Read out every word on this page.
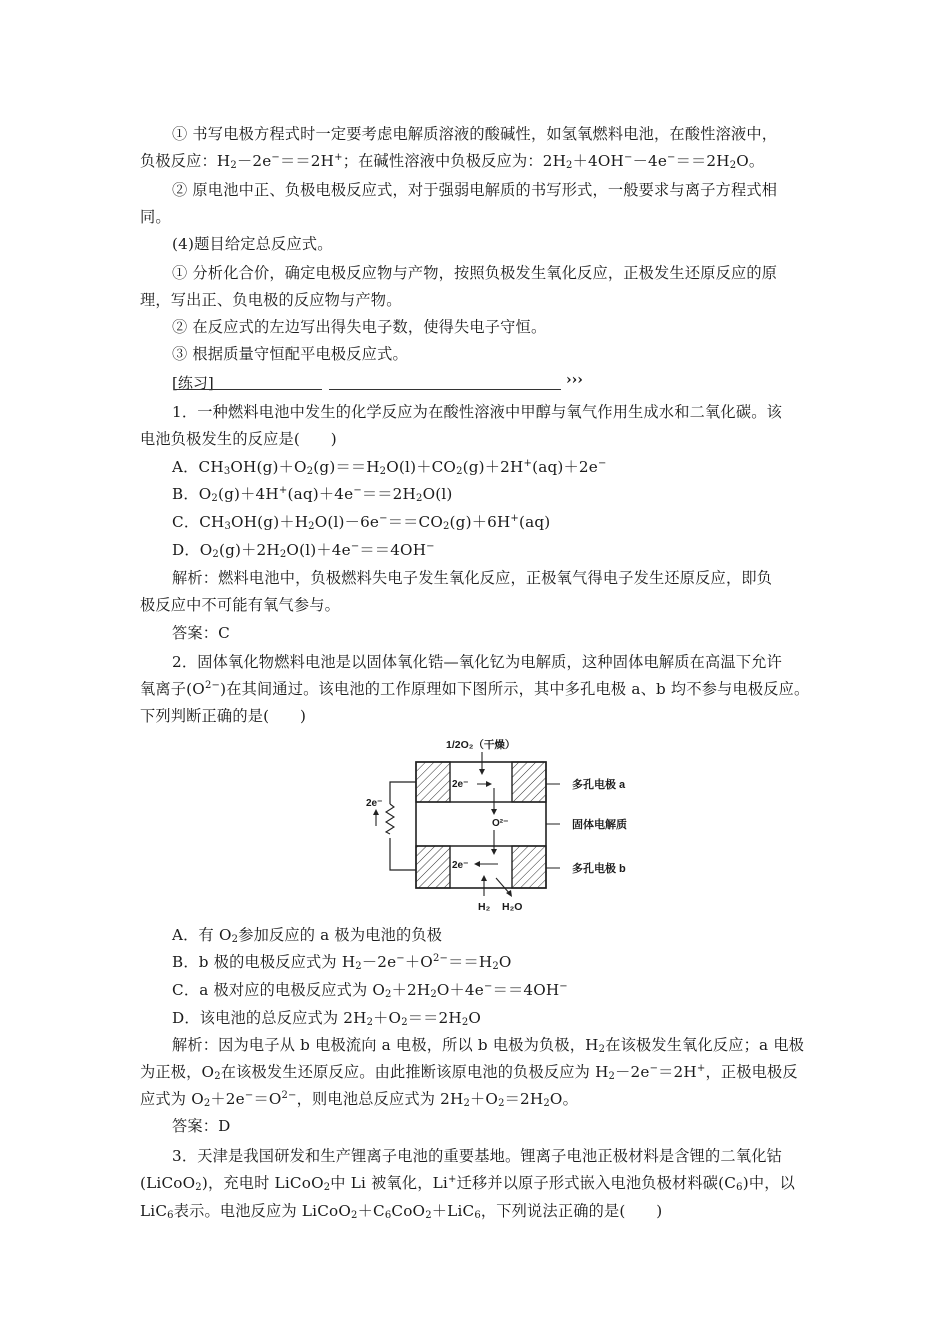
① 书写电极方程式时一定要考虑电解质溶液的酸碱性，如氢氧燃料电池，在酸性溶液中，
负极反应：$H_2-2e^-==2H^+$；在碱性溶液中负极反应为：$2H_2+4OH^--4e^-==2H_2O$。
② 原电池中正、负极电极反应式，对于强弱电解质的书写形式，一般要求与离子方程式相
同。
(4)题目给定总反应式。
① 分析化合价，确定电极反应物与产物，按照负极发生氧化反应，正极发生还原反应的原
理，写出正、负电极的反应物与产物。
② 在反应式的左边写出得失电子数，使得失电子守恒。
③ 根据质量守恒配平电极反应式。
[练习]	›››
1．一种燃料电池中发生的化学反应为在酸性溶液中甲醇与氧气作用生成水和二氧化碳。该
电池负极发生的反应是(　　)
A．$CH_3OH(g)+O_2(g)==H_2O(l)+CO_2(g)+2H^+(aq)+2e^-$
B．$O_2(g)+4H^+(aq)+4e^-==2H_2O(l)$
C．$CH_3OH(g)+H_2O(l)-6e^-==CO_2(g)+6H^+(aq)$
D．$O_2(g)+2H_2O(l)+4e^-==4OH^-$
解析：燃料电池中，负极燃料失电子发生氧化反应，正极氧气得电子发生还原反应，即负
极反应中不可能有氧气参与。
答案：C
2．固体氧化物燃料电池是以固体氧化锆—氧化钇为电解质，这种固体电解质在高温下允许
氧离子$(O^{2-})$在其间通过。该电池的工作原理如下图所示，其中多孔电极 a、b 均不参与电极反应。
下列判断正确的是(　　)
2e⁻
1/2O₂（干燥）
2e⁻
O²⁻
2e⁻
H₂ H₂O
多孔电极 a
固体电解质
多孔电极 b
A．有 $O_2$参加反应的 a 极为电池的负极
B．b 极的电极反应式为 $H_2-2e^-+O^{2-}==H_2O$
C．a 极对应的电极反应式为 $O_2+2H_2O+4e^-==4OH^-$
D．该电池的总反应式为 $2H_2+O_2==2H_2O$
解析：因为电子从 b 电极流向 a 电极，所以 b 电极为负极，$H_2$在该极发生氧化反应；a 电极
为正极，$O_2$在该极发生还原反应。由此推断该原电池的负极反应为 $H_2-2e^-=2H^+$，正极电极反
应式为 $O_2+2e^-=O^{2-}$，则电池总反应式为 $2H_2+O_2=2H_2O$。
答案：D
3．天津是我国研发和生产锂离子电池的重要基地。锂离子电池正极材料是含锂的二氧化钴
(LiCoO$_2$)，充电时 LiCoO$_2$中 Li 被氧化，Li+迁移并以原子形式嵌入电池负极材料碳$(C_6)$中，以
LiC$_6$表示。电池反应为 $LiCoO_2+C_6CoO_2+LiC_6$，下列说法正确的是(　　)
